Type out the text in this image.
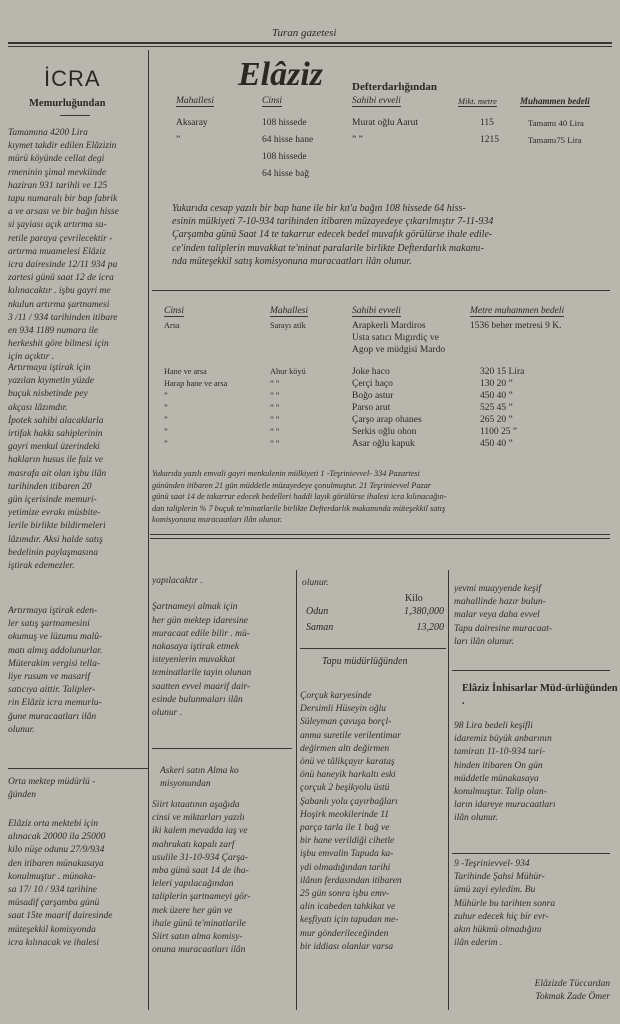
Turan gazetesi
İCRA
Memurluğundan
Tamamına 4200 Lira
kıymet takdir edilen Elâzizin
mürü köyünde cellat degi
rmeninin şimal mevkiinde
haziran 931 tarihli ve 125
tapu numaralı bir bap fabrik
a ve arsası ve bir bağın hisse
si şayiası açık artırma su-
retile paraya çevrilecektir -
artırma muamelesi Elâziz
icra dairesinde 12/11 934 pa
zartesi günü saat 12 de icra
kılınacaktır . işbu gayri me
nkulun artırma şartnamesi
3 /11 / 934 tarihinden itibare
en 934 1189 numara ile
herkeshit göre bilmesi için
için açıktır .
Artırmaya iştirak için
yazılan kıymetin yüzde
buçuk nisbetinde pey
akçası lâzımdır.
İpotek sahibi alacaklarla
irtifak hakkı sahiplerinin
gayri menkul üzerindeki
hakların husus ile faiz ve
masrafa ait olan işbu ilân
tarihinden itibaren 20
gün içerisinde memuri-
yetimize evrakı müsbite-
lerile birlikte bildirmeleri
lâzımdır. Aksi halde satış
bedelinin paylaşmasına
iştirak edemezler.
Artırmaya iştirak eden-
ler satış şartnamesini
okumuş ve lüzumu malû-
matı almış addolunurlar.
Müterakim vergisi tella-
liye rusum ve masarif
satıcıya aittir. Talipler-
rin Elâziz icra memurlu-
ğune muracaatları ilân
olunur.
Orta mektep müdürlü -
ğünden
Elâziz orta mektebi için
alınacak 20000 ila 25000
kilo nüşe odunu 27/9/934
den itibaren münakasaya
konulmuştur . münaka-
sa 17/ 10 / 934 tarihine
müsadif çarşamba günü
saat 15te maarif dairesinde
müteşekkil komisyonda
icra kılınacak ve ihalesi
Elâziz	Defterdarlığından
Mahallesi	Cinsi	Sahibi evveli	Mikt. metre	Muhammen bedeli
Aksaray	108 hissede	Murat oğlu Aarut	115	Tamamı 40 Lira
”	64 hisse hane	” ”	1215	Tamamı75 Lira
108 hissede
64 hisse bağ
Yukarıda cesap yazılı bir bap hane ile bir kıt'a bağın 108 hissede 64 hiss-
esinin mülkiyeti 7-10-934 tarihinden itibaren müzayedeye çıkarılmıştır 7-11-934
Çarşamba günü Saat 14 te takarrur edecek bedel muvafık görülürse ihale edile-
ce'inden taliplerin muvakkat te'minat paralarile birlikte Defterdarlık makamı-
nda müteşekkil satış komisyonuna muracaatları ilân olunur.
Cinsi	Mahallesi	Sahibi evveli	Metre muhammen bedeli
Arsa	Sarayı atik	Arapkerli Mardiros	1536 beher metresi 9 K.
Usta satıcı Mıgırdiç ve
Agop ve müdgisi Mardo
Hane ve arsa	Ahur köyü	Joke haco	320 15 Lira
Harap hane ve arsa	” ”	Çerçi haço	130 20 ”
”	” ”	Boğo astur	450 40 ”
”	” ”	Parso arut	525 45 ”
”	” ”	Çarşo arap ohanes	265 20 ”
”	” ”	Serkis oğlu ohon	1100 25 ”
”	” ”	Asar oğlu kapuk	450 40 ”
Yukarıda yazılı emvali gayri menkulenin mülkiyeti 1 -Teşrinievvel- 334 Pazartesi
gününden itibaren 21 gün müddetle müzayedeye çonulmuştur. 21 Teşrinievvel Pazar
günü saat 14 de takarrur edecek bedelleri haddi layık görülürse ihalesi icra kılınacağın-
dan taliplerin % 7 buçuk te'minatlarile birlikte Defterdarlık makamında müteşekkil satış
komisyonuna muracaatları ilân olunur.
yapılacaktır .

Şartnameyi almak için
her gün mektep idaresine
muracaat edile bilir . mü-
nakasaya iştirak etmek
isteyenlerin muvakkat
teminatlarile tayin olunan
saatten evvel maarif dair-
esinde bulunmaları ilân
olunur .
Askeri satın Alma ko
misyonundan
Siirt kıtaatının aşağıda
cinsi ve miktarları yazılı
iki kalem mevadda iaş ve
mahrukatı kapalı zarf
usulile 31-10-934 Çarşa-
mba günü saat 14 de iha-
leleri yapılacağından
taliplerin şartnameyi gör-
mek üzere her gün ve
ihale günü te'minatlarile
Siirt satın alma komisy-
onuna muracaatları ilân
olunur.
Kilo
Odun	1,380,000
Saman	13,200
Tapu müdürlüğünden
Çorçuk karyesinde
Dersimli Hüseyin oğlu
Süleyman çavuşa borçl-
anma suretile verilentimar
değirmen altı değirmen
önü ve tâlikçayır karataş
önü haneyik harkaltı eski
çorçuk 2 beşikyolu üstü
Şabanlı yolu çayırbağları
Hoşirk meokilerinde 11
parça tarla ile 1 bağ ve
bir hane verildiği cihetle
işbu emvalin Tapuda ka-
ydi olmadığından tarihi
ilânın ferdasından itibaren
25 gün sonra işbu emv-
alin icabeden tahkikat ve
keşfiyatı için tapudan me-
mur gönderileceğinden
bir iddiası olanlar varsa
yevmi muayyende keşif
mahallinde hazır bulun-
malar veya daha evvel
Tapu dairesine muracaat-
ları ilân olunur.
Elâziz İnhisarlar Müd-ürlüğünden .
98 Lira bedeli keşifli
idaremiz büyük anbarının
tamiratı 11-10-934 tari-
hinden itibaren On gün
müddetle münakasaya
konulmuştur. Talip olan-
ların idareye muracaatları
ilân olunur.
9 -Teşrinievvel- 934
Tarihinde Şahsi Mühür-
ümü zayi eyledim. Bu
Mühürle bu tarihten sonra
zuhur edecek hiç bir evr-
akın hükmü olmadığını
ilân ederim .
Elâzizde Tüccardan
Tokmak Zade Ömer
